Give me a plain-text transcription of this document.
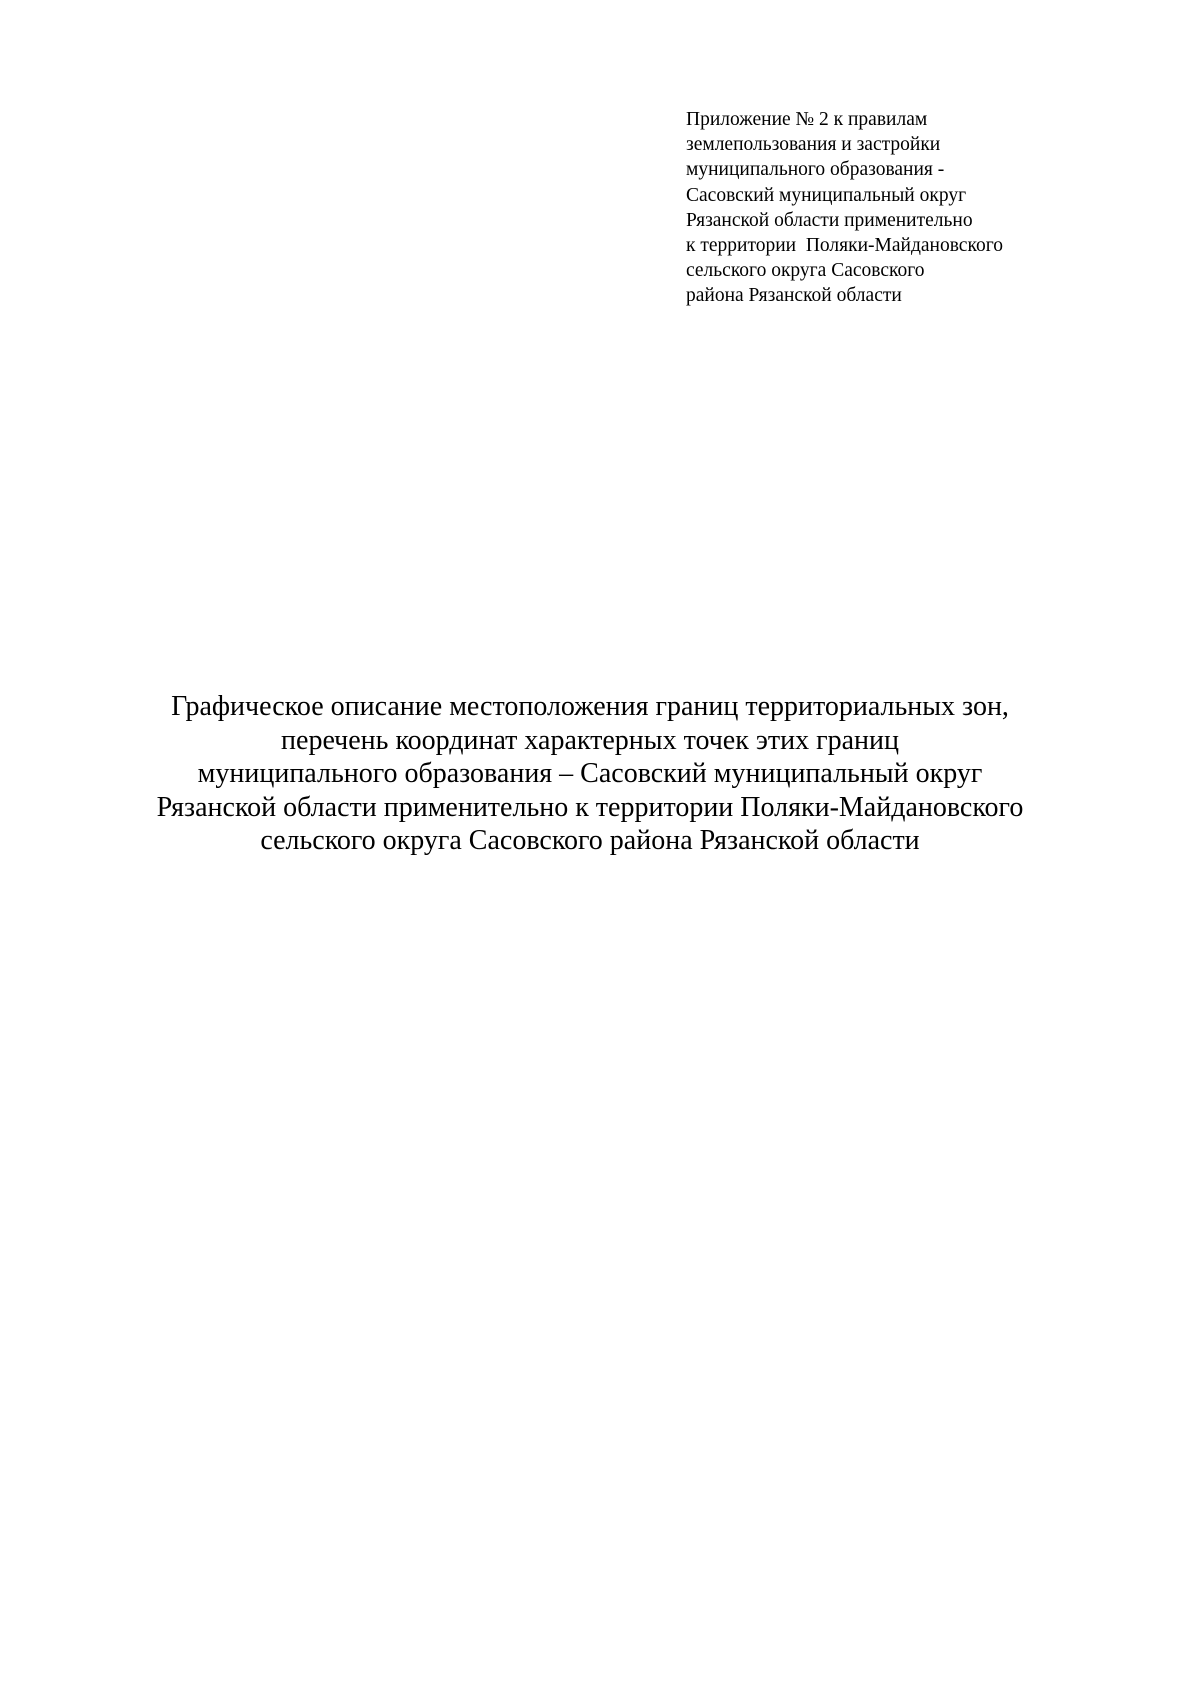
Приложение № 2 к правилам
землепользования и застройки
муниципального образования -
Сасовский муниципальный округ
Рязанской области применительно
к территории  Поляки-Майдановского
сельского округа Сасовского
района Рязанской области
Графическое описание местоположения границ территориальных зон,
перечень координат характерных точек этих границ
муниципального образования – Сасовский муниципальный округ
Рязанской области применительно к территории Поляки-Майдановского
сельского округа Сасовского района Рязанской области
